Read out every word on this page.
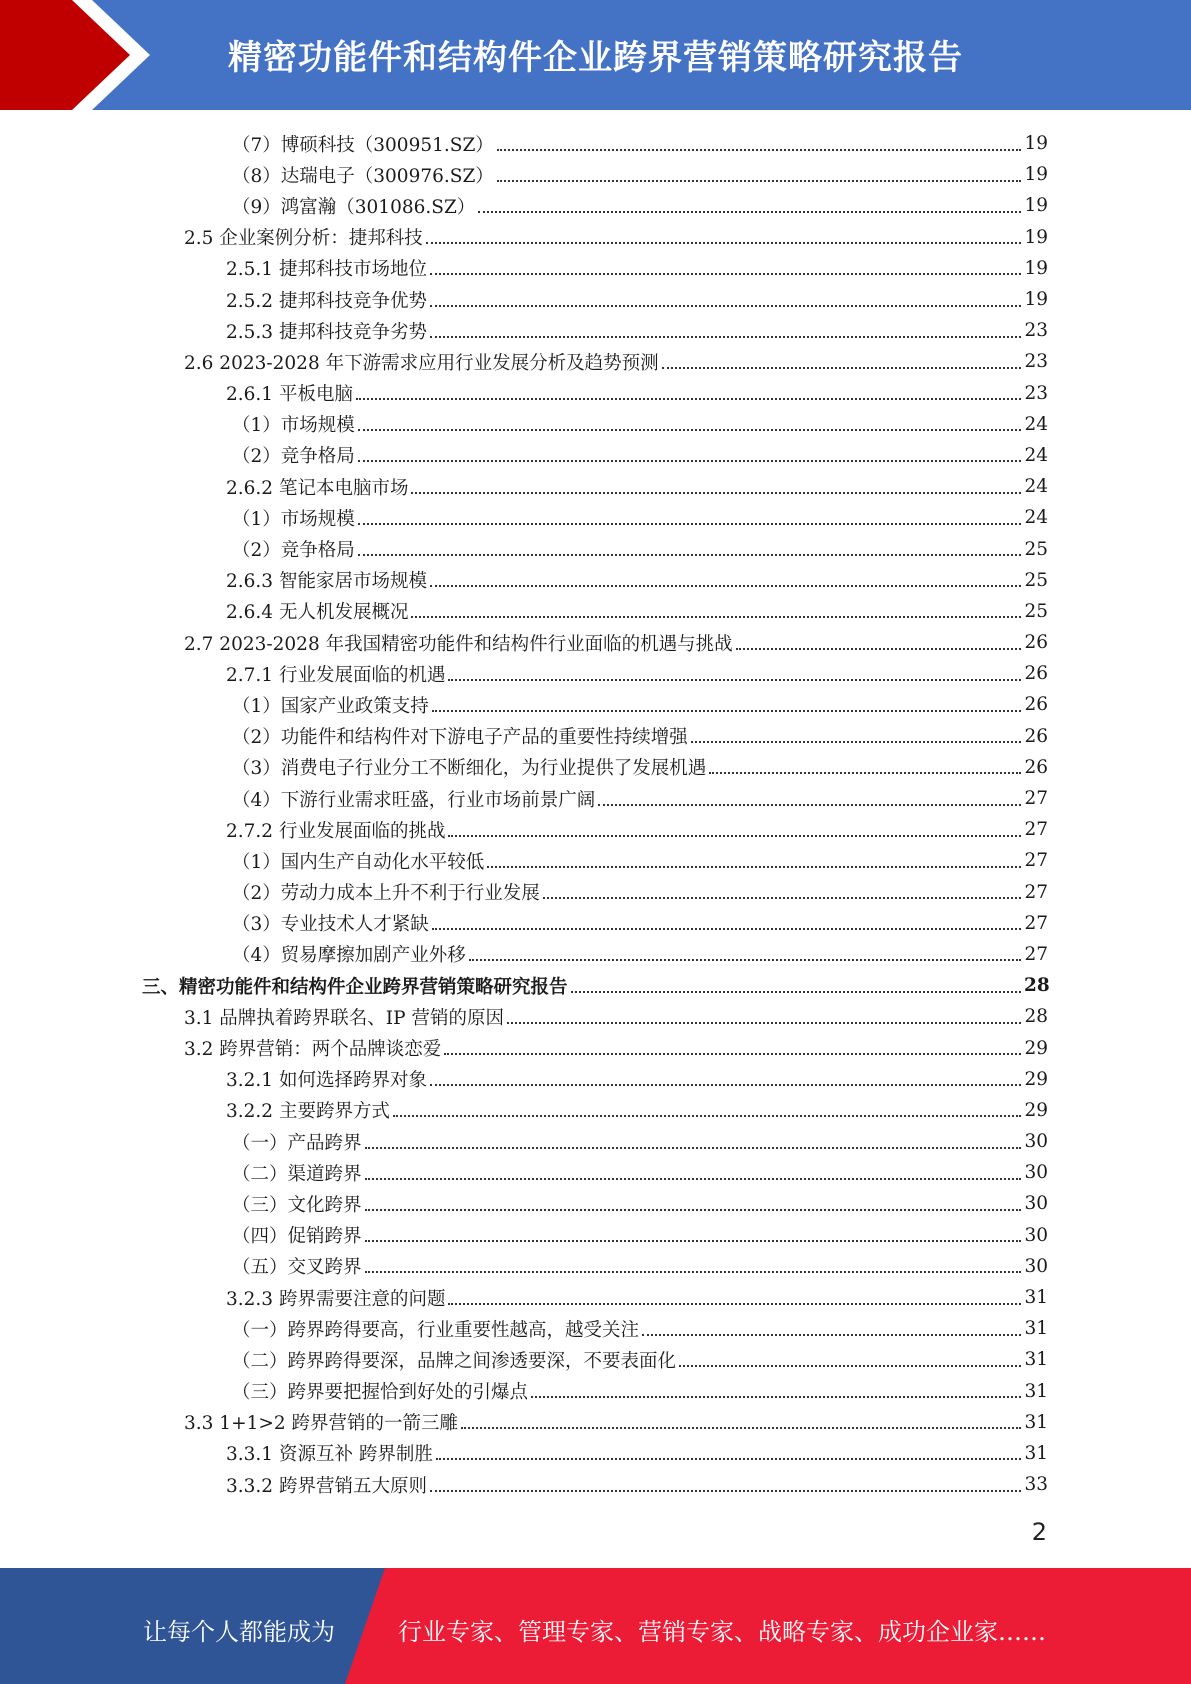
精密功能件和结构件企业跨界营销策略研究报告
（7）博硕科技（300951.SZ）	19
（8）达瑞电子（300976.SZ）	19
（9）鸿富瀚（301086.SZ）	19
2.5 企业案例分析：捷邦科技	19
2.5.1 捷邦科技市场地位	19
2.5.2 捷邦科技竞争优势	19
2.5.3 捷邦科技竞争劣势	23
2.6 2023-2028 年下游需求应用行业发展分析及趋势预测	23
2.6.1 平板电脑	23
（1）市场规模	24
（2）竞争格局	24
2.6.2 笔记本电脑市场	24
（1）市场规模	24
（2）竞争格局	25
2.6.3 智能家居市场规模	25
2.6.4 无人机发展概况	25
2.7 2023-2028 年我国精密功能件和结构件行业面临的机遇与挑战	26
2.7.1 行业发展面临的机遇	26
（1）国家产业政策支持	26
（2）功能件和结构件对下游电子产品的重要性持续增强	26
（3）消费电子行业分工不断细化，为行业提供了发展机遇	26
（4）下游行业需求旺盛，行业市场前景广阔	27
2.7.2 行业发展面临的挑战	27
（1）国内生产自动化水平较低	27
（2）劳动力成本上升不利于行业发展	27
（3）专业技术人才紧缺	27
（4）贸易摩擦加剧产业外移	27
三、精密功能件和结构件企业跨界营销策略研究报告	28
3.1 品牌执着跨界联名、IP 营销的原因	28
3.2 跨界营销：两个品牌谈恋爱	29
3.2.1 如何选择跨界对象	29
3.2.2 主要跨界方式	29
（一）产品跨界	30
（二）渠道跨界	30
（三）文化跨界	30
（四）促销跨界	30
（五）交叉跨界	30
3.2.3 跨界需要注意的问题	31
（一）跨界跨得要高，行业重要性越高，越受关注	31
（二）跨界跨得要深，品牌之间渗透要深，不要表面化	31
（三）跨界要把握恰到好处的引爆点	31
3.3 1+1>2 跨界营销的一箭三雕	31
3.3.1 资源互补 跨界制胜	31
3.3.2 跨界营销五大原则	33
2
让每个人都能成为	行业专家、管理专家、营销专家、战略专家、成功企业家……
